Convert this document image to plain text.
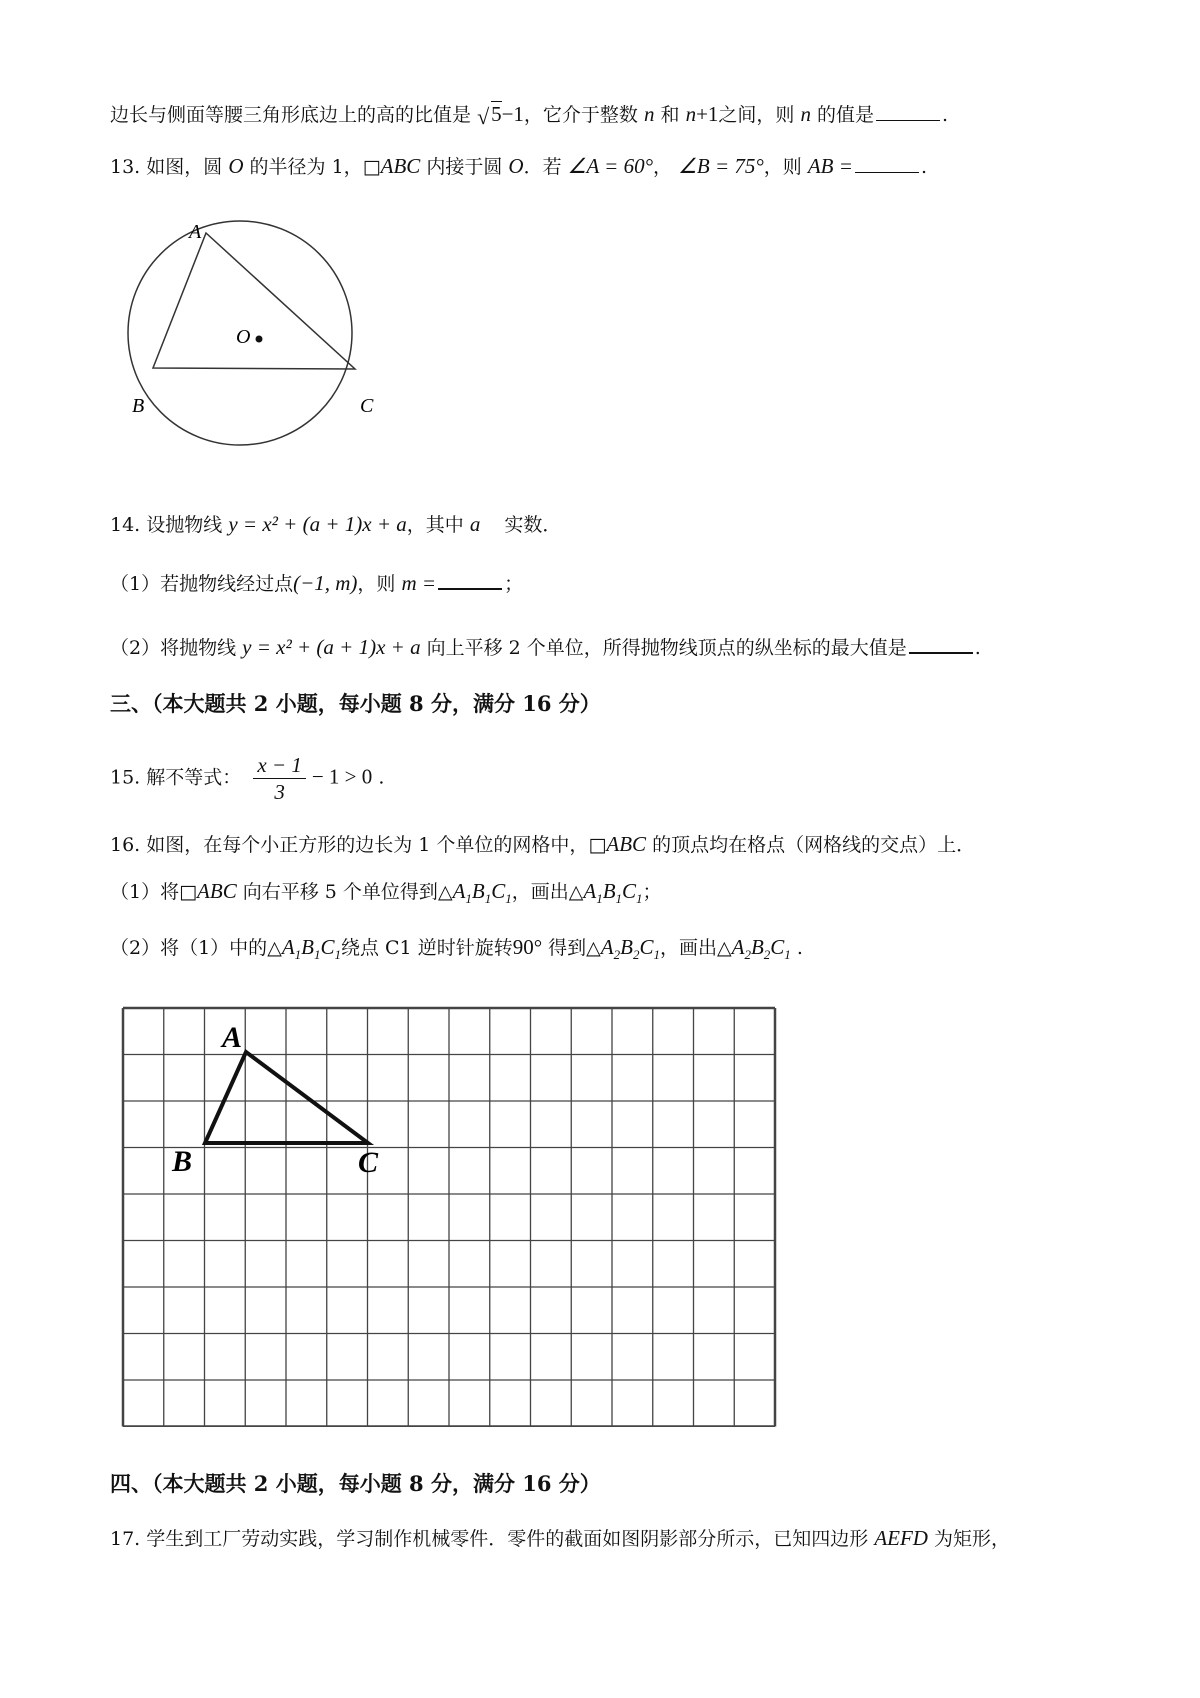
边长与侧面等腰三角形底边上的高的比值是 √ 5−1，它介于整数 n 和 n+1之间，则 n 的值是	.
13. 如图，圆 O 的半径为 1，□ABC 内接于圆 O．若 ∠A = 60°， ∠B = 75°，则 AB =	.
A
B	C
O
14. 设抛物线 y = x² + (a + 1)x + a，其中 a 实数．
（1）若抛物线经过点(−1, m)，则 m =	；
（2）将抛物线 y = x² + (a + 1)x + a 向上平移 2 个单位，所得抛物线顶点的纵坐标的最大值是	.
三、（本大题共 2 小题，每小题 8 分，满分 16 分）
15. 解不等式： $\frac{x - 1}{3} - 1 > 0$ .
16. 如图，在每个小正方形的边长为 1 个单位的网格中，□ABC 的顶点均在格点（网格线的交点）上．
（1）将□ABC 向右平移 5 个单位得到$\triangle A_1B_1C_1$，画出$\triangle A_1B_1C_1$；
（2）将（1）中的$\triangle A_1B_1C_1$绕点 C1 逆时针旋转90° 得到$\triangle A_2B_2C_1$，画出$\triangle A_2B_2C_1$ .
A
B	C
四、（本大题共 2 小题，每小题 8 分，满分 16 分）
17. 学生到工厂劳动实践，学习制作机械零件．零件的截面如图阴影部分所示，已知四边形 AEFD 为矩形，
